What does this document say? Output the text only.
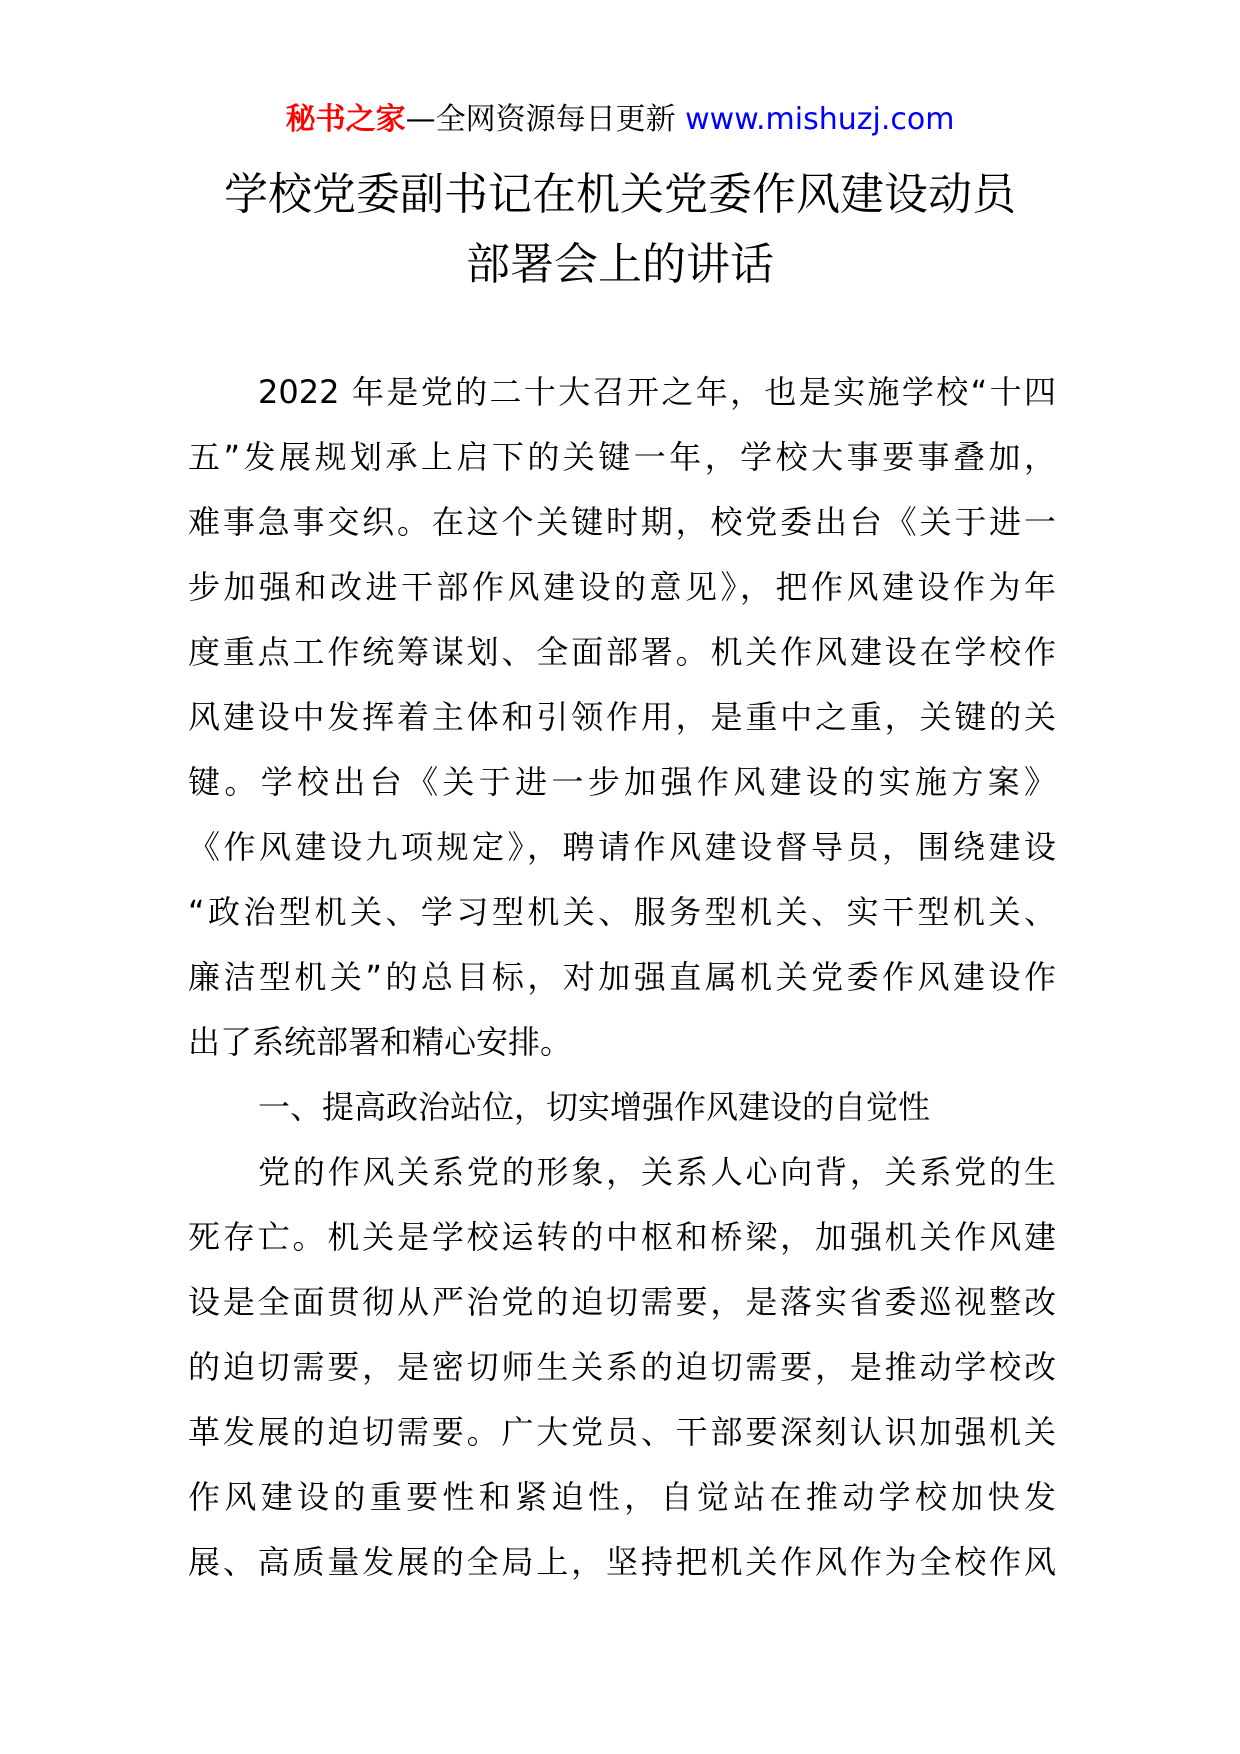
秘书之家—全网资源每日更新 www.mishuzj.com
学校党委副书记在机关党委作风建设动员
部署会上的讲话
2022 年是党的二十大召开之年，也是实施学校“十四
五”发展规划承上启下的关键一年，学校大事要事叠加，
难事急事交织。在这个关键时期，校党委出台《关于进一
步加强和改进干部作风建设的意见》，把作风建设作为年
度重点工作统筹谋划、全面部署。机关作风建设在学校作
风建设中发挥着主体和引领作用，是重中之重，关键的关
键。学校出台《关于进一步加强作风建设的实施方案》
《作风建设九项规定》，聘请作风建设督导员，围绕建设
“政治型机关、学习型机关、服务型机关、实干型机关、
廉洁型机关”的总目标，对加强直属机关党委作风建设作
出了系统部署和精心安排。
一、提高政治站位，切实增强作风建设的自觉性
党的作风关系党的形象，关系人心向背，关系党的生
死存亡。机关是学校运转的中枢和桥梁，加强机关作风建
设是全面贯彻从严治党的迫切需要，是落实省委巡视整改
的迫切需要，是密切师生关系的迫切需要，是推动学校改
革发展的迫切需要。广大党员、干部要深刻认识加强机关
作风建设的重要性和紧迫性，自觉站在推动学校加快发
展、高质量发展的全局上，坚持把机关作风作为全校作风
